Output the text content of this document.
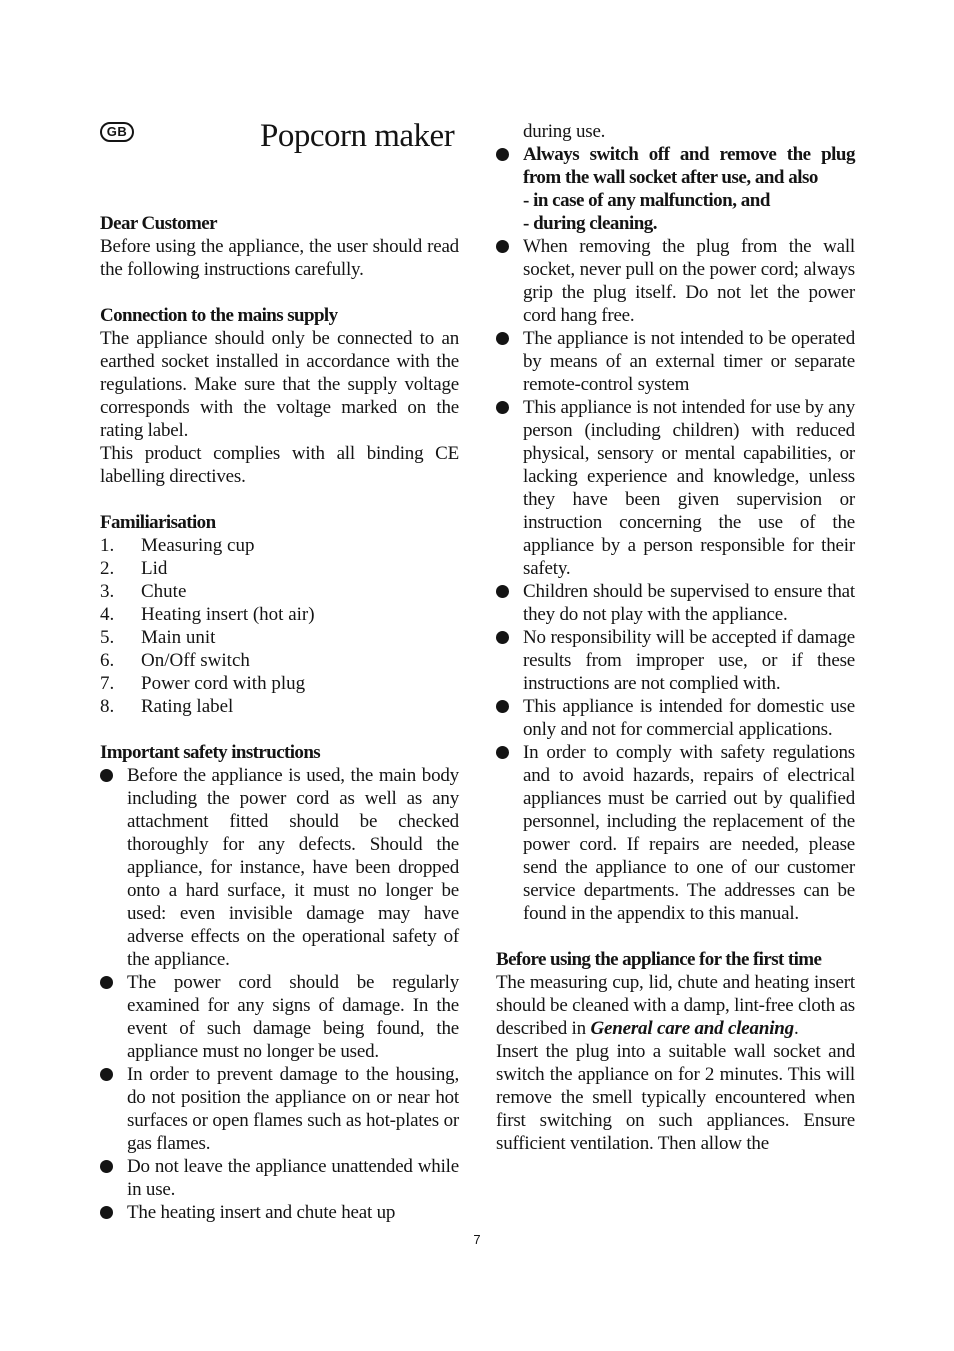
GB	Popcorn maker

Dear Customer

Before using the appliance, the user should read the following instructions carefully.

Connection to the mains supply

The appliance should only be connected to an earthed socket installed in accordance with the regulations. Make sure that the supply voltage corresponds with the voltage marked on the rating label.

This product complies with all binding CE labelling directives.

Familiarisation

1.	Measuring cup
2.	Lid
3.	Chute
4.	Heating insert (hot air)
5.	Main unit
6.	On/Off switch
7.	Power cord with plug
8.	Rating label

Important safety instructions

Before the appliance is used, the main body including the power cord as well as any attachment fitted should be checked thoroughly for any defects. Should the appliance, for instance, have been dropped onto a hard surface, it must no longer be used: even invisible damage may have adverse effects on the operational safety of the appliance.
The power cord should be regularly examined for any signs of damage. In the event of such damage being found, the appliance must no longer be used.
In order to prevent damage to the housing, do not position the appliance on or near hot surfaces or open flames such as hot-plates or gas flames.
Do not leave the appliance unattended while in use.
The heating insert and chute heat up

during use.

Always switch off and remove the plug from the wall socket after use, and also
- in case of any malfunction, and
- during cleaning.
When removing the plug from the wall socket, never pull on the power cord; always grip the plug itself. Do not let the power cord hang free.
The appliance is not intended to be operated by means of an external timer or separate remote-control system
This appliance is not intended for use by any person (including children) with reduced physical, sensory or mental capabilities, or lacking experience and knowledge, unless they have been given supervision or instruction concerning the use of the appliance by a person responsible for their safety.
Children should be supervised to ensure that they do not play with the appliance.
No responsibility will be accepted if damage results from improper use, or if these instructions are not complied with.
This appliance is intended for domestic use only and not for commercial applications.
In order to comply with safety regulations and to avoid hazards, repairs of electrical appliances must be carried out by qualified personnel, including the replacement of the power cord. If repairs are needed, please send the appliance to one of our customer service departments. The addresses can be found in the appendix to this manual.

Before using the appliance for the first time

The measuring cup, lid, chute and heating insert should be cleaned with a damp, lint-free cloth as described in General care and cleaning.

Insert the plug into a suitable wall socket and switch the appliance on for 2 minutes. This will remove the smell typically encountered when first switching on such appliances. Ensure sufficient ventilation. Then allow the

7
